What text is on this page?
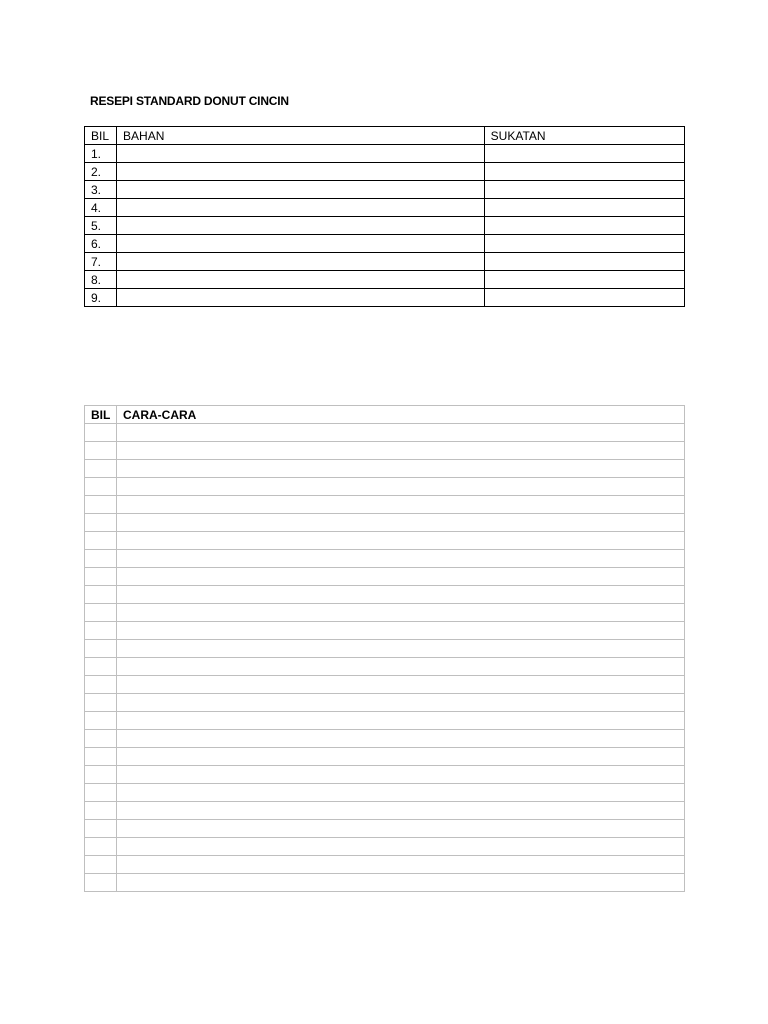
RESEPI STANDARD DONUT CINCIN
BIL	BAHAN	SUKATAN
1.		
2.		
3.		
4.		
5.		
6.		
7.		
8.		
9.		
BIL	CARA-CARA
